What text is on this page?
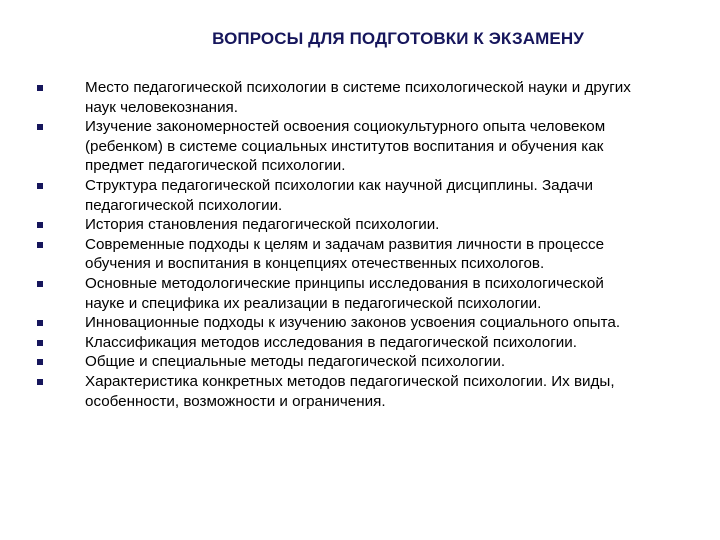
ВОПРОСЫ ДЛЯ ПОДГОТОВКИ К ЭКЗАМЕНУ
Место педагогической психологии в системе психологической науки и других наук человекознания.
Изучение закономерностей освоения социокультурного опыта человеком (ребенком) в системе социальных институтов воспитания и обучения как предмет педагогической психологии.
Структура педагогической психологии как научной дисциплины. Задачи педагогической психологии.
История становления педагогической психологии.
Современные подходы к целям и задачам развития личности в процессе обучения и воспитания в концепциях отечественных психологов.
Основные методологические принципы исследования в психологической науке и специфика их реализации в педагогической психологии.
Инновационные подходы к изучению законов усвоения социального опыта.
Классификация методов исследования в педагогической психологии.
Общие и специальные методы педагогической психологии.
Характеристика конкретных методов педагогической психологии. Их виды, особенности, возможности и ограничения.
